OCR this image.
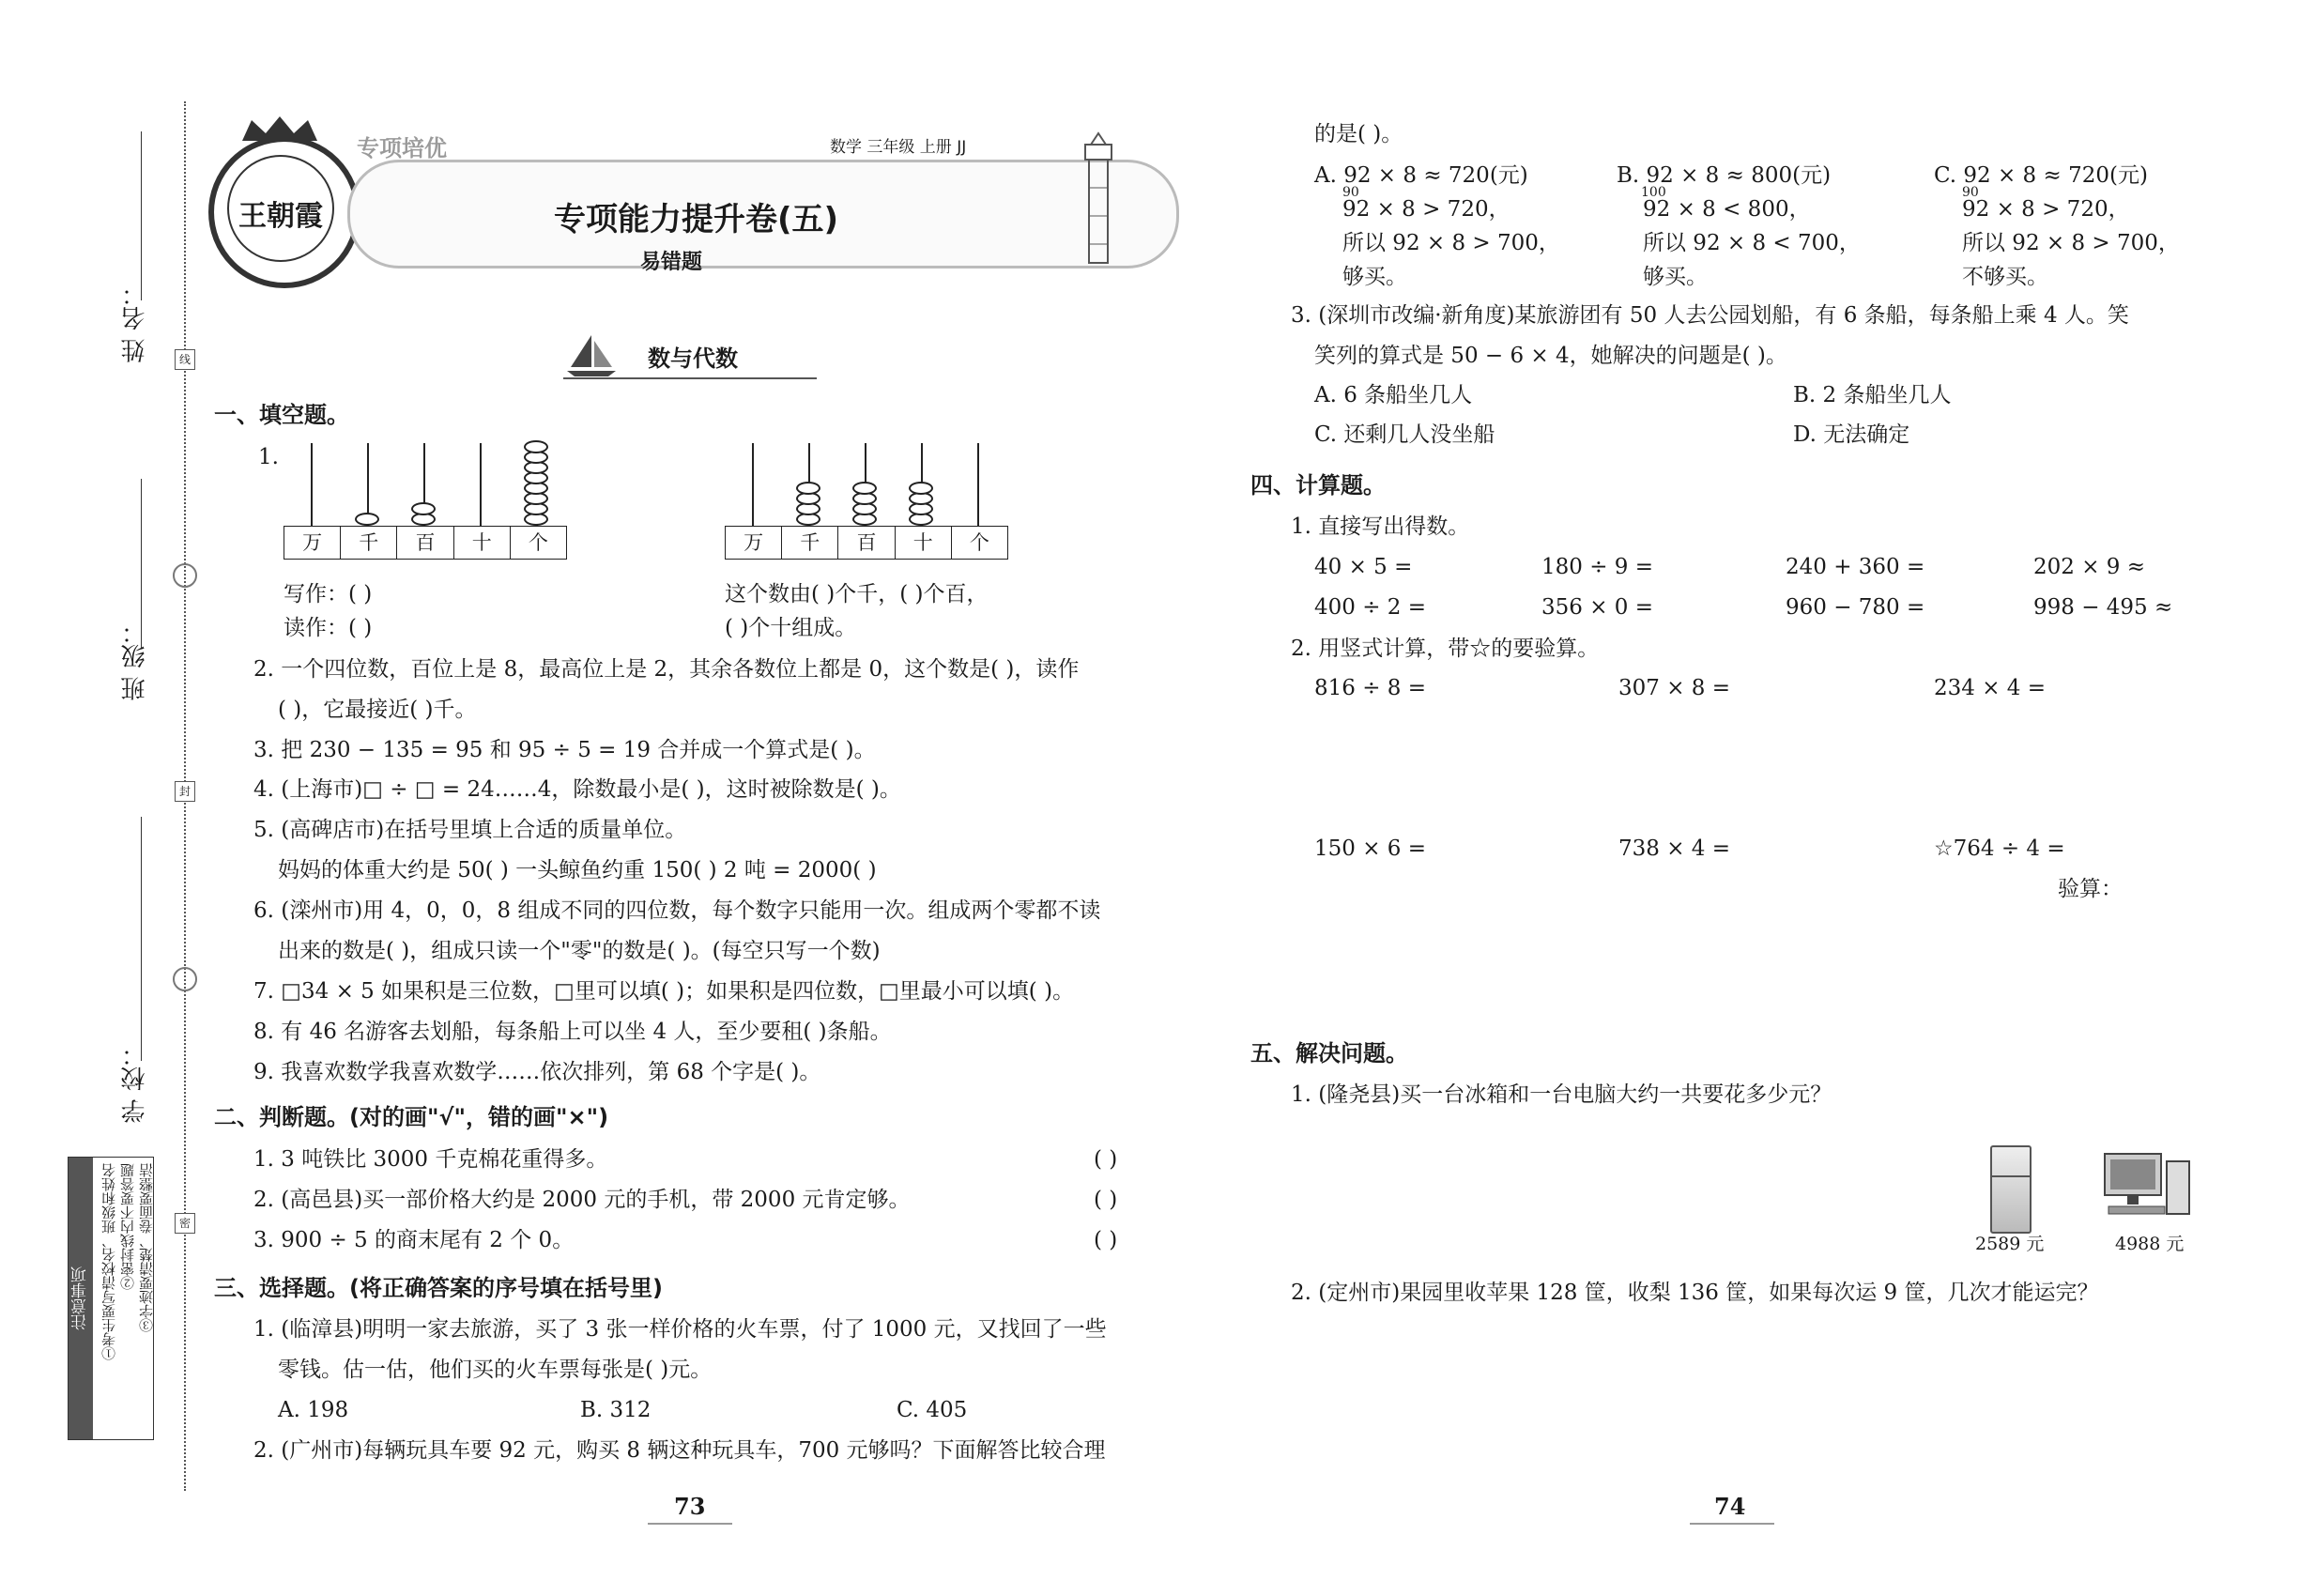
线
封
密
姓 名：
班 级：
学 校：
注意事项 ①考生要写清校名、班级和姓名 ②密封线内不要答题 ③字迹要清楚、卷面要整洁
王朝霞
专项培优	数学 三年级 上册 JJ
专项能力提升卷(五)
易错题
数与代数
一、填空题。
1.
万	千	百	十	个	万	千	百	十	个
写作：( )
读作：( )
这个数由( )个千，( )个百，
( )个十组成。
2. 一个四位数，百位上是 8，最高位上是 2，其余各数位上都是 0，这个数是( )，读作
( )，它最接近( )千。
3. 把 230 − 135 = 95 和 95 ÷ 5 = 19 合并成一个算式是( )。
4. (上海市)□ ÷ □ = 24……4，除数最小是( )，这时被除数是( )。
5. (高碑店市)在括号里填上合适的质量单位。
妈妈的体重大约是 50( ) 一头鲸鱼约重 150( ) 2 吨 = 2000( )
6. (滦州市)用 4，0，0，8 组成不同的四位数，每个数字只能用一次。组成两个零都不读
出来的数是( )，组成只读一个"零"的数是( )。(每空只写一个数)
7. □34 × 5 如果积是三位数，□里可以填( )；如果积是四位数，□里最小可以填( )。
8. 有 46 名游客去划船，每条船上可以坐 4 人，至少要租( )条船。
9. 我喜欢数学我喜欢数学……依次排列，第 68 个字是( )。
二、判断题。(对的画"√"，错的画"×")
1. 3 吨铁比 3000 千克棉花重得多。	( )
2. (高邑县)买一部价格大约是 2000 元的手机，带 2000 元肯定够。	( )
3. 900 ÷ 5 的商末尾有 2 个 0。	( )
三、选择题。(将正确答案的序号填在括号里)
1. (临漳县)明明一家去旅游，买了 3 张一样价格的火车票，付了 1000 元，又找回了一些
零钱。估一估，他们买的火车票每张是( )元。
A. 198	B. 312	C. 405
2. (广州市)每辆玩具车要 92 元，购买 8 辆这种玩具车，700 元够吗？下面解答比较合理
73
的是( )。
A. 92 × 8 ≈ 720(元)
90
92 × 8 > 720，
所以 92 × 8 > 700，
够买。
B. 92 × 8 ≈ 800(元)
100
92 × 8 < 800，
所以 92 × 8 < 700，
够买。
C. 92 × 8 ≈ 720(元)
90
92 × 8 > 720，
所以 92 × 8 > 700，
不够买。
3. (深圳市改编·新角度)某旅游团有 50 人去公园划船，有 6 条船，每条船上乘 4 人。笑
笑列的算式是 50 − 6 × 4，她解决的问题是( )。
A. 6 条船坐几人	B. 2 条船坐几人
C. 还剩几人没坐船	D. 无法确定
四、计算题。
1. 直接写出得数。
40 × 5 =	180 ÷ 9 =	240 + 360 =	202 × 9 ≈
400 ÷ 2 =	356 × 0 =	960 − 780 =	998 − 495 ≈
2. 用竖式计算，带☆的要验算。
816 ÷ 8 =	307 × 8 =	234 × 4 =
150 × 6 =	738 × 4 =	☆764 ÷ 4 =
验算：
五、解决问题。
1. (隆尧县)买一台冰箱和一台电脑大约一共要花多少元？
2589 元	4988 元
2. (定州市)果园里收苹果 128 筐，收梨 136 筐，如果每次运 9 筐，几次才能运完？
74
